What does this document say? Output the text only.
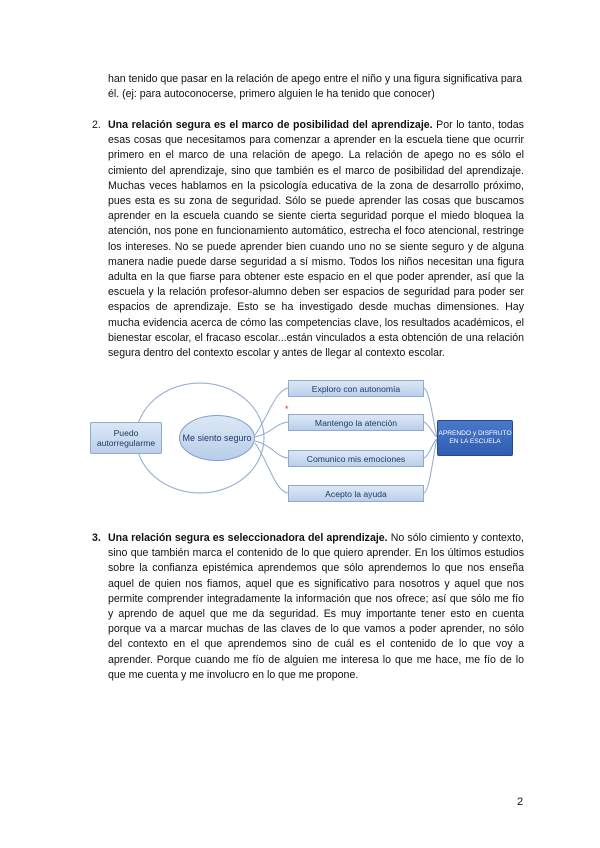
han tenido que pasar en la relación de apego entre el niño y una figura significativa para él. (ej: para autoconocerse, primero alguien le ha tenido que conocer)

2. Una relación segura es el marco de posibilidad del aprendizaje. Por lo tanto, todas esas cosas que necesitamos para comenzar a aprender en la escuela tiene que ocurrir primero en el marco de una relación de apego. La relación de apego no es sólo el cimiento del aprendizaje, sino que también es el marco de posibilidad del aprendizaje. Muchas veces hablamos en la psicología educativa de la zona de desarrollo próximo, pues esta es su zona de seguridad. Sólo se puede aprender las cosas que buscamos aprender en la escuela cuando se siente cierta seguridad porque el miedo bloquea la atención, nos pone en funcionamiento automático, estrecha el foco atencional, restringe los intereses. No se puede aprender bien cuando uno no se siente seguro y de alguna manera nadie puede darse seguridad a sí mismo. Todos los niños necesitan una figura adulta en la que fiarse para obtener este espacio en el que poder aprender, así que la escuela y la relación profesor-alumno deben ser espacios de seguridad para poder ser espacios de aprendizaje. Esto se ha investigado desde muchas dimensiones. Hay mucha evidencia acerca de cómo las competencias clave, los resultados académicos, el bienestar escolar, el fracaso escolar...están vinculados a esta obtención de una relación segura dentro del contexto escolar y antes de llegar al contexto escolar.

Puedo autorregularme	Me siento seguro
Exploro con autonomía
*
Mantengo la atención
Comunico mis emociones
Acepto la ayuda
APRENDO y DISFRUTO EN LA ESCUELA
3. Una relación segura es seleccionadora del aprendizaje. No sólo cimiento y contexto, sino que también marca el contenido de lo que quiero aprender. En los últimos estudios sobre la confianza epistémica aprendemos que sólo aprendemos lo que nos enseña aquel de quien nos fiamos, aquel que es significativo para nosotros y aquel que nos permite comprender integradamente la información que nos ofrece; así que sólo me fío y aprendo de aquel que me da seguridad. Es muy importante tener esto en cuenta porque va a marcar muchas de las claves de lo que vamos a poder aprender, no sólo del contexto en el que aprendemos sino de cuál es el contenido de lo que voy a aprender. Porque cuando me fío de alguien me interesa lo que me hace, me fío de lo que me cuenta y me involucro en lo que me propone.

2
